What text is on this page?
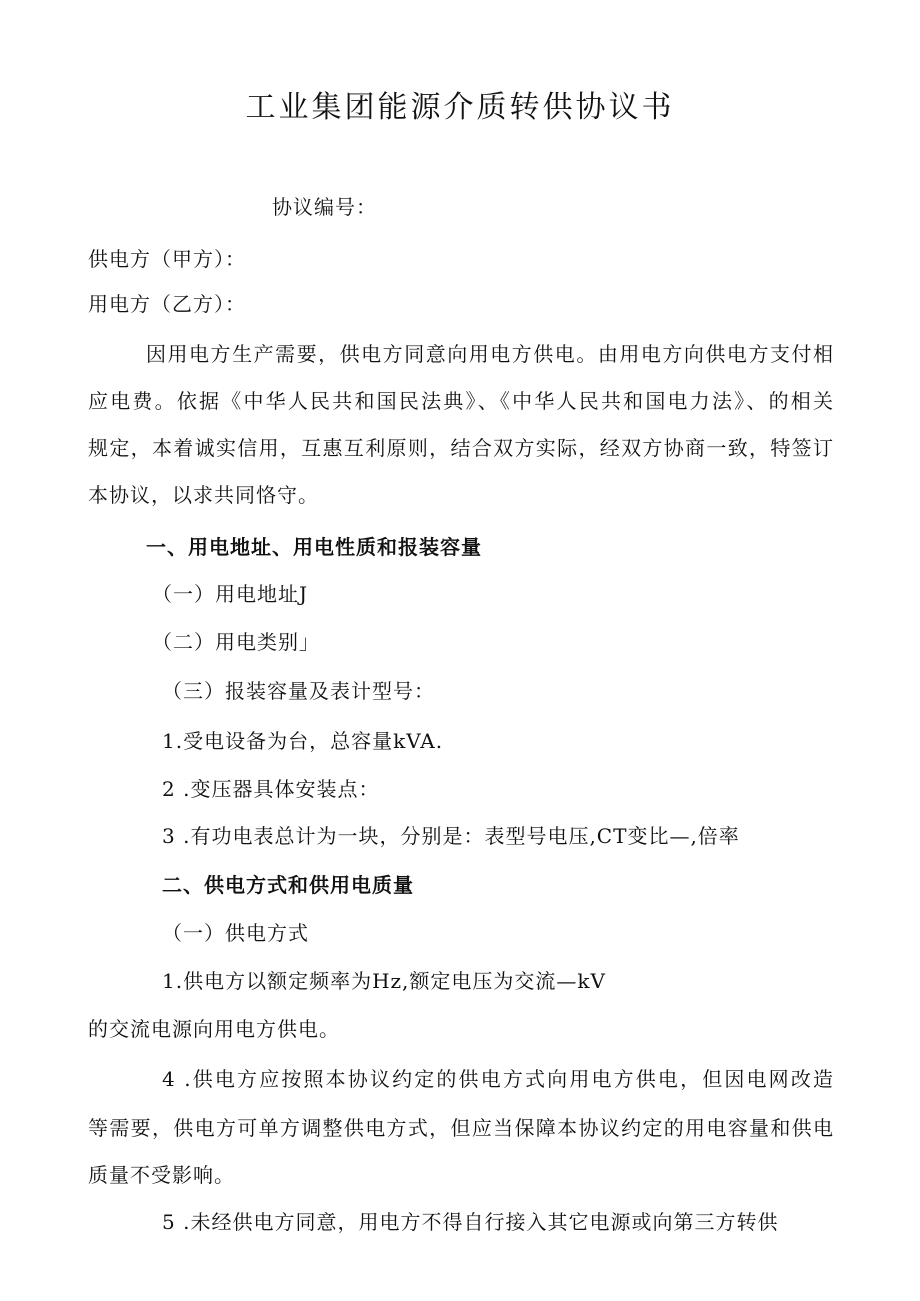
工业集团能源介质转供协议书
协议编号：
供电方（甲方）：
用电方（乙方）：
因用电方生产需要，供电方同意向用电方供电。由用电方向供电方支付相
应电费。依据《中华人民共和国民法典》、《中华人民共和国电力法》、的相关
规定，本着诚实信用，互惠互利原则，结合双方实际，经双方协商一致，特签订
本协议，以求共同恪守。
一、用电地址、用电性质和报装容量
（一）用电地址J
（二）用电类别」
（三）报装容量及表计型号：
1.受电设备为台，总容量kVA.
2 .变压器具体安装点：
3 .有功电表总计为一块，分别是：表型号电压,CT变比—,倍率
二、供电方式和供用电质量
（一）供电方式
1.供电方以额定频率为Hz,额定电压为交流—kV
的交流电源向用电方供电。
4 .供电方应按照本协议约定的供电方式向用电方供电，但因电网改造
等需要，供电方可单方调整供电方式，但应当保障本协议约定的用电容量和供电
质量不受影响。
5 .未经供电方同意，用电方不得自行接入其它电源或向第三方转供
